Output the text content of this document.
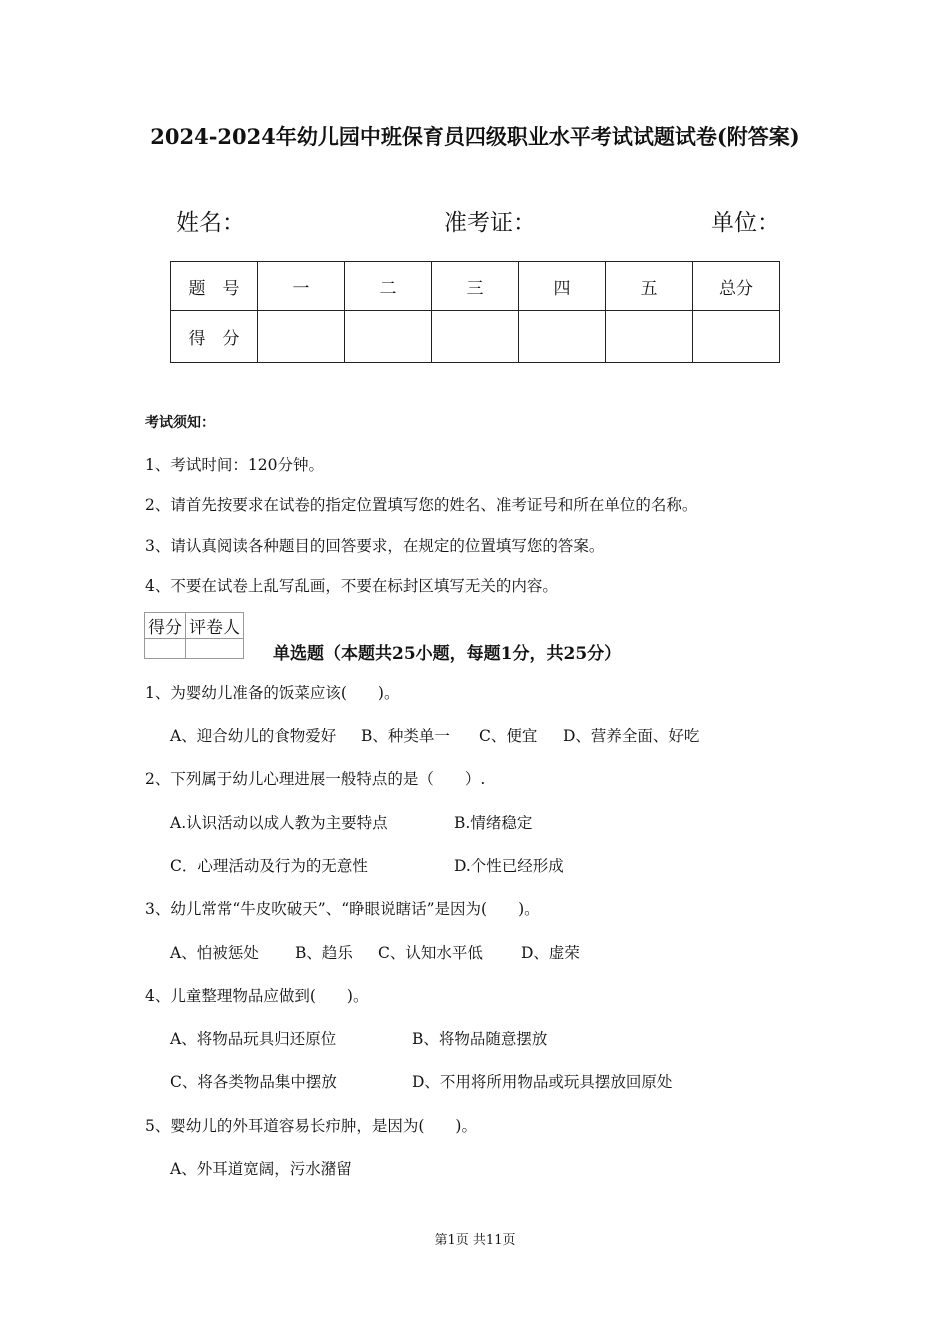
2024-2024年幼儿园中班保育员四级职业水平考试试题试卷(附答案)
姓名：	准考证：	单位：
题　号	一	二	三	四	五	总分
得　分						
考试须知：
1、考试时间：120分钟。
2、请首先按要求在试卷的指定位置填写您的姓名、准考证号和所在单位的名称。
3、请认真阅读各种题目的回答要求，在规定的位置填写您的答案。
4、不要在试卷上乱写乱画，不要在标封区填写无关的内容。
得分	评卷人

单选题（本题共25小题，每题1分，共25分）
1、为婴幼儿准备的饭菜应该(　　)。
A、迎合幼儿的食物爱好 B、种类单一 C、便宜 D、营养全面、好吃
2、下列属于幼儿心理进展一般特点的是（　　）.
A.认识活动以成人教为主要特点	B.情绪稳定
C．心理活动及行为的无意性	D.个性已经形成
3、幼儿常常“牛皮吹破天”、“睁眼说瞎话”是因为(　　)。
A、怕被惩处 B、趋乐 C、认知水平低 D、虚荣
4、儿童整理物品应做到(　　)。
A、将物品玩具归还原位	B、将物品随意摆放
C、将各类物品集中摆放	D、不用将所用物品或玩具摆放回原处
5、婴幼儿的外耳道容易长疖肿，是因为(　　)。
A、外耳道宽阔，污水潴留
第1页 共11页
